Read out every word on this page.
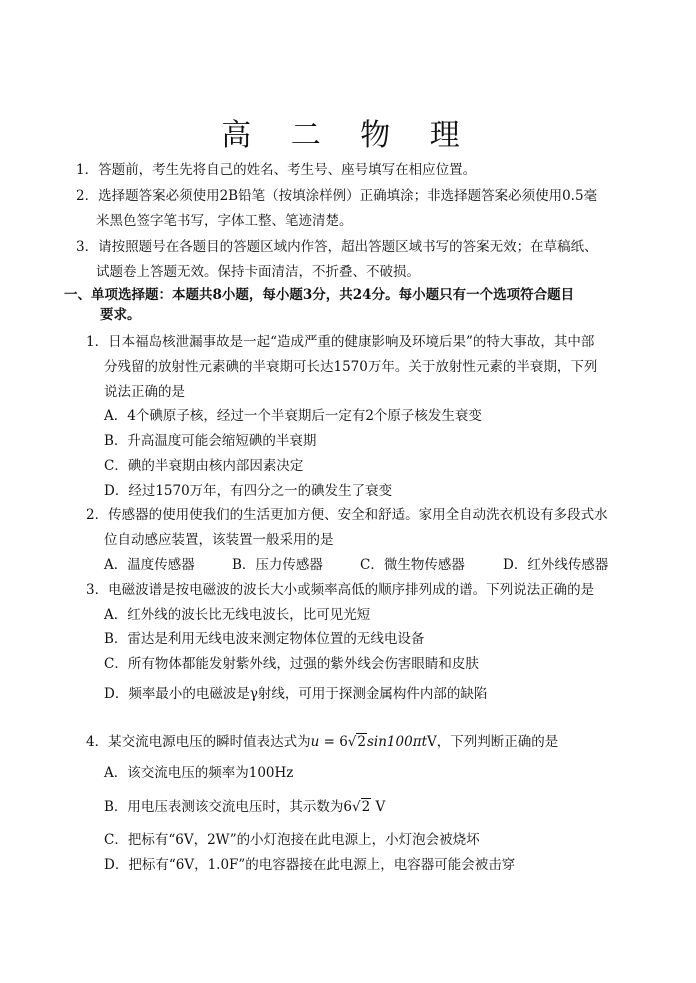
高 二 物 理
1．答题前，考生先将自己的姓名、考生号、座号填写在相应位置。
2．选择题答案必须使用2B铅笔（按填涂样例）正确填涂；非选择题答案必须使用0.5毫
米黑色签字笔书写，字体工整、笔迹清楚。
3．请按照题号在各题目的答题区域内作答，超出答题区域书写的答案无效；在草稿纸、
试题卷上答题无效。保持卡面清洁，不折叠、不破损。
一、单项选择题：本题共8小题，每小题3分，共24分。每小题只有一个选项符合题目
要求。
1．日本福岛核泄漏事故是一起“造成严重的健康影响及环境后果”的特大事故，其中部
分残留的放射性元素碘的半衰期可长达1570万年。关于放射性元素的半衰期，下列
说法正确的是
A．4个碘原子核，经过一个半衰期后一定有2个原子核发生衰变
B．升高温度可能会缩短碘的半衰期
C．碘的半衰期由核内部因素决定
D．经过1570万年，有四分之一的碘发生了衰变
2．传感器的使用使我们的生活更加方便、安全和舒适。家用全自动洗衣机设有多段式水
位自动感应装置，该装置一般采用的是
A．温度传感器	B．压力传感器	C．微生物传感器	D．红外线传感器
3．电磁波谱是按电磁波的波长大小或频率高低的顺序排列成的谱。下列说法正确的是
A．红外线的波长比无线电波长，比可见光短
B．雷达是利用无线电波来测定物体位置的无线电设备
C．所有物体都能发射紫外线，过强的紫外线会伤害眼睛和皮肤
D．频率最小的电磁波是γ射线，可用于探测金属构件内部的缺陷
4．某交流电源电压的瞬时值表达式为u = 6√2sin100πtV，下列判断正确的是
A．该交流电压的频率为100Hz
B．用电压表测该交流电压时，其示数为6√2 V
C．把标有“6V，2W”的小灯泡接在此电源上，小灯泡会被烧坏
D．把标有“6V，1.0F”的电容器接在此电源上，电容器可能会被击穿
